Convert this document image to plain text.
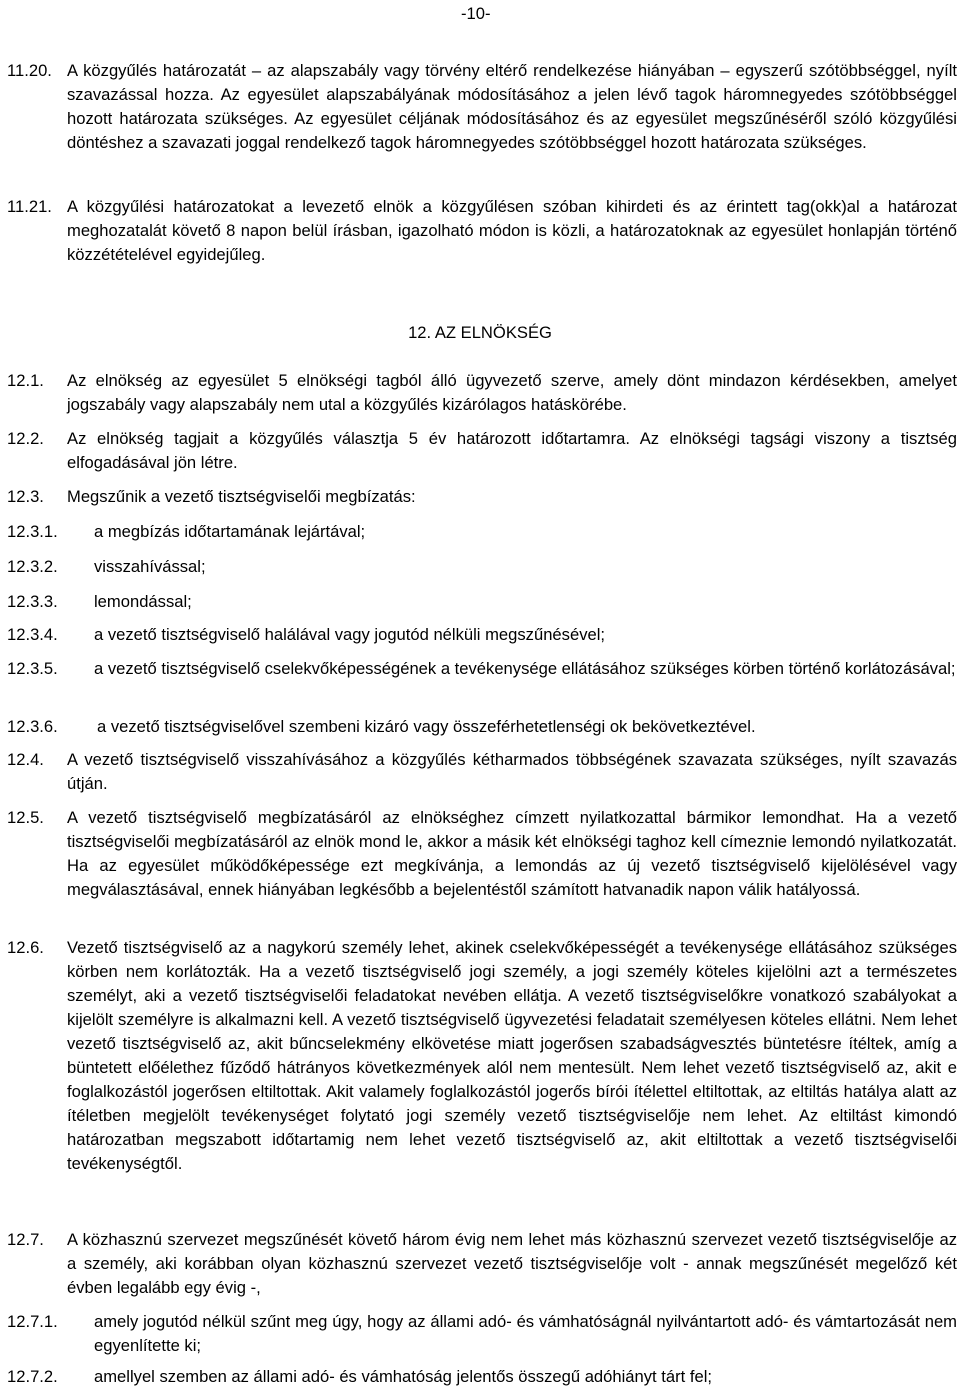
-10-
11.20. A közgyűlés határozatát – az alapszabály vagy törvény eltérő rendelkezése hiányában – egyszerű szótöbbséggel, nyílt szavazással hozza. Az egyesület alapszabályának módosításához a jelen lévő tagok háromnegyedes szótöbbséggel hozott határozata szükséges. Az egyesület céljának módosításához és az egyesület megszűnéséről szóló közgyűlési döntéshez a szavazati joggal rendelkező tagok háromnegyedes szótöbbséggel hozott határozata szükséges.
11.21. A közgyűlési határozatokat a levezető elnök a közgyűlésen szóban kihirdeti és az érintett tag(okk)al a határozat meghozatalát követő 8 napon belül írásban, igazolható módon is közli, a határozatoknak az egyesület honlapján történő közzétételével egyidejűleg.
12. AZ ELNÖKSÉG
12.1. Az elnökség az egyesület 5 elnökségi tagból álló ügyvezető szerve, amely dönt mindazon kérdésekben, amelyet jogszabály vagy alapszabály nem utal a közgyűlés kizárólagos hatáskörébe.
12.2. Az elnökség tagjait a közgyűlés választja 5 év határozott időtartamra. Az elnökségi tagsági viszony a tisztség elfogadásával jön létre.
12.3. Megszűnik a vezető tisztségviselői megbízatás:
12.3.1. a megbízás időtartamának lejártával;
12.3.2. visszahívással;
12.3.3. lemondással;
12.3.4. a vezető tisztségviselő halálával vagy jogutód nélküli megszűnésével;
12.3.5. a vezető tisztségviselő cselekvőképességének a tevékenysége ellátásához szükséges körben történő korlátozásával;
12.3.6. a vezető tisztségviselővel szembeni kizáró vagy összeférhetetlenségi ok bekövetkeztével.
12.4. A vezető tisztségviselő visszahívásához a közgyűlés kétharmados többségének szavazata szükséges, nyílt szavazás útján.
12.5. A vezető tisztségviselő megbízatásáról az elnökséghez címzett nyilatkozattal bármikor lemondhat. Ha a vezető tisztségviselői megbízatásáról az elnök mond le, akkor a másik két elnökségi taghoz kell címeznie lemondó nyilatkozatát. Ha az egyesület működőképessége ezt megkívánja, a lemondás az új vezető tisztségviselő kijelölésével vagy megválasztásával, ennek hiányában legkésőbb a bejelentéstől számított hatvanadik napon válik hatályossá.
12.6. Vezető tisztségviselő az a nagykorú személy lehet, akinek cselekvőképességét a tevékenysége ellátásához szükséges körben nem korlátozták. Ha a vezető tisztségviselő jogi személy, a jogi személy köteles kijelölni azt a természetes személyt, aki a vezető tisztségviselői feladatokat nevében ellátja. A vezető tisztségviselőkre vonatkozó szabályokat a kijelölt személyre is alkalmazni kell. A vezető tisztségviselő ügyvezetési feladatait személyesen köteles ellátni. Nem lehet vezető tisztségviselő az, akit bűncselekmény elkövetése miatt jogerősen szabadságvesztés büntetésre ítéltek, amíg a büntetett előélethez fűződő hátrányos következmények alól nem mentesült. Nem lehet vezető tisztségviselő az, akit e foglalkozástól jogerősen eltiltottak. Akit valamely foglalkozástól jogerős bírói ítélettel eltiltottak, az eltiltás hatálya alatt az ítéletben megjelölt tevékenységet folytató jogi személy vezető tisztségviselője nem lehet. Az eltiltást kimondó határozatban megszabott időtartamig nem lehet vezető tisztségviselő az, akit eltiltottak a vezető tisztségviselői tevékenységtől.
12.7. A közhasznú szervezet megszűnését követő három évig nem lehet más közhasznú szervezet vezető tisztségviselője az a személy, aki korábban olyan közhasznú szervezet vezető tisztségviselője volt - annak megszűnését megelőző két évben legalább egy évig -,
12.7.1. amely jogutód nélkül szűnt meg úgy, hogy az állami adó- és vámhatóságnál nyilvántartott adó- és vámtartozását nem egyenlítette ki;
12.7.2. amellyel szemben az állami adó- és vámhatóság jelentős összegű adóhiányt tárt fel;
